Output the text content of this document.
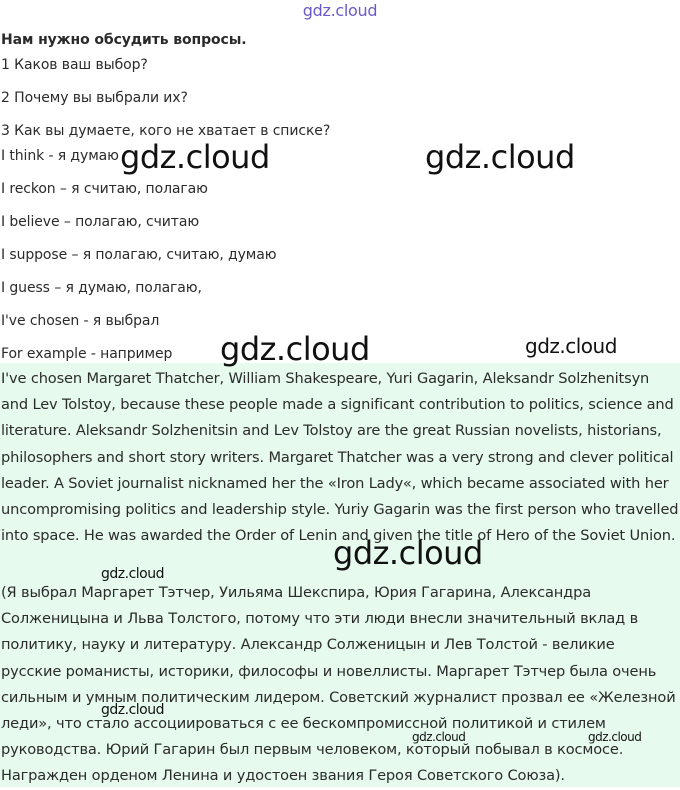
gdz.cloud
Нам нужно обсудить вопросы.
1 Каков ваш выбор?
2 Почему вы выбрали их?
3 Как вы думаете, кого не хватает в списке?
I think - я думаю
I reckon – я считаю, полагаю
I believe – полагаю, считаю
I suppose – я полагаю, считаю, думаю
I guess – я думаю, полагаю,
I've chosen - я выбрал
For example - например
I've chosen Margaret Thatcher, William Shakespeare, Yuri Gagarin, Aleksandr Solzhenitsyn and Lev Tolstoy, because these people made a significant contribution to politics, science and literature. Aleksandr Solzhenitsin and Lev Tolstoy are the great Russian novelists, historians, philosophers and short story writers. Margaret Thatcher was a very strong and clever political leader. A Soviet journalist nicknamed her the «Iron Lady«, which became associated with her uncompromising politics and leadership style. Yuriy Gagarin was the first person who travelled into space. He was awarded the Order of Lenin and given the title of Hero of the Soviet Union.
(Я выбрал Маргарет Тэтчер, Уильяма Шекспира, Юрия Гагарина, Александра Солженицына и Льва Толстого, потому что эти люди внесли значительный вклад в политику, науку и литературу. Александр Солженицын и Лев Толстой - великие русские романисты, историки, философы и новеллисты. Маргарет Тэтчер была очень сильным и умным политическим лидером. Советский журналист прозвал ее «Железной леди», что стало ассоциироваться с ее бескомпромиссной политикой и стилем руководства. Юрий Гагарин был первым человеком, который побывал в космосе. Награжден орденом Ленина и удостоен звания Героя Советского Союза).
gdz.cloud	gdz.cloud
gdz.cloud	gdz.cloud
gdz.cloud
gdz.cloud
gdz.cloud
gdz.cloud	gdz.cloud
